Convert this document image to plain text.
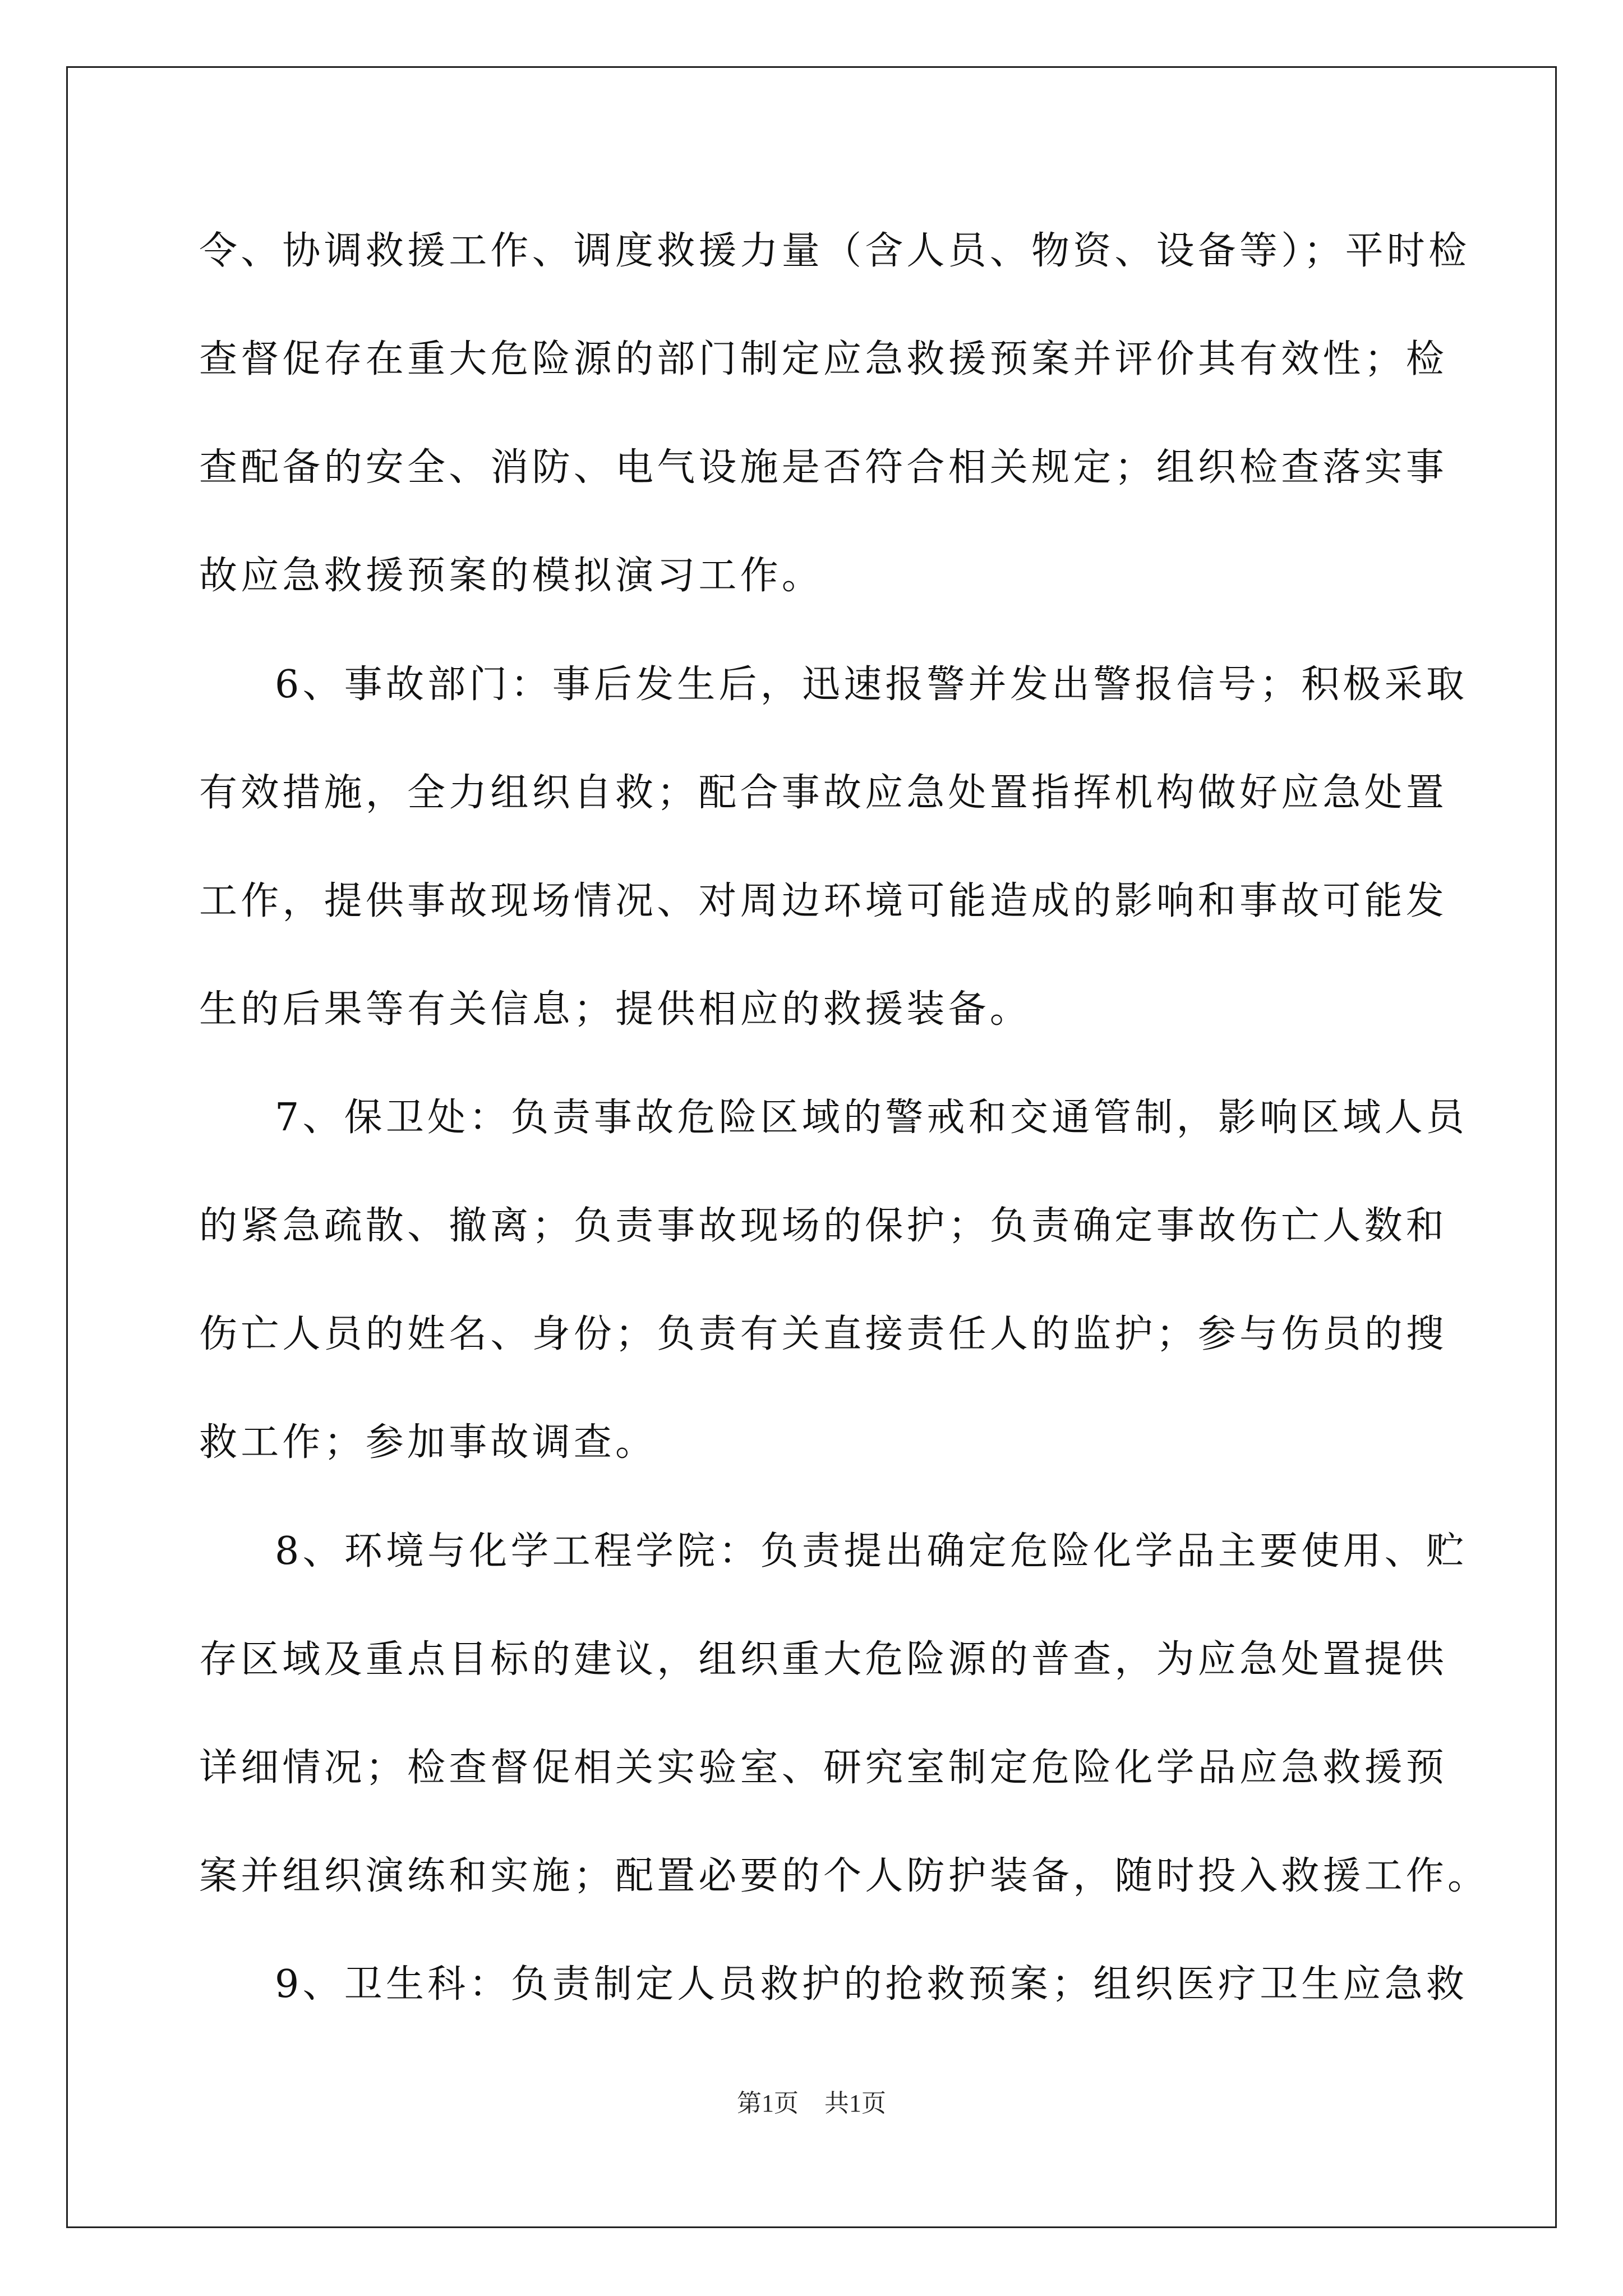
令、协调救援工作、调度救援力量（含人员、物资、设备等）；平时检
查督促存在重大危险源的部门制定应急救援预案并评价其有效性；检
查配备的安全、消防、电气设施是否符合相关规定；组织检查落实事
故应急救援预案的模拟演习工作。
6、事故部门：事后发生后，迅速报警并发出警报信号；积极采取
有效措施，全力组织自救；配合事故应急处置指挥机构做好应急处置
工作，提供事故现场情况、对周边环境可能造成的影响和事故可能发
生的后果等有关信息；提供相应的救援装备。
7、保卫处：负责事故危险区域的警戒和交通管制，影响区域人员
的紧急疏散、撤离；负责事故现场的保护；负责确定事故伤亡人数和
伤亡人员的姓名、身份；负责有关直接责任人的监护；参与伤员的搜
救工作；参加事故调查。
8、环境与化学工程学院：负责提出确定危险化学品主要使用、贮
存区域及重点目标的建议，组织重大危险源的普查，为应急处置提供
详细情况；检查督促相关实验室、研究室制定危险化学品应急救援预
案并组织演练和实施；配置必要的个人防护装备，随时投入救援工作。
9、卫生科：负责制定人员救护的抢救预案；组织医疗卫生应急救
第1页 共1页
